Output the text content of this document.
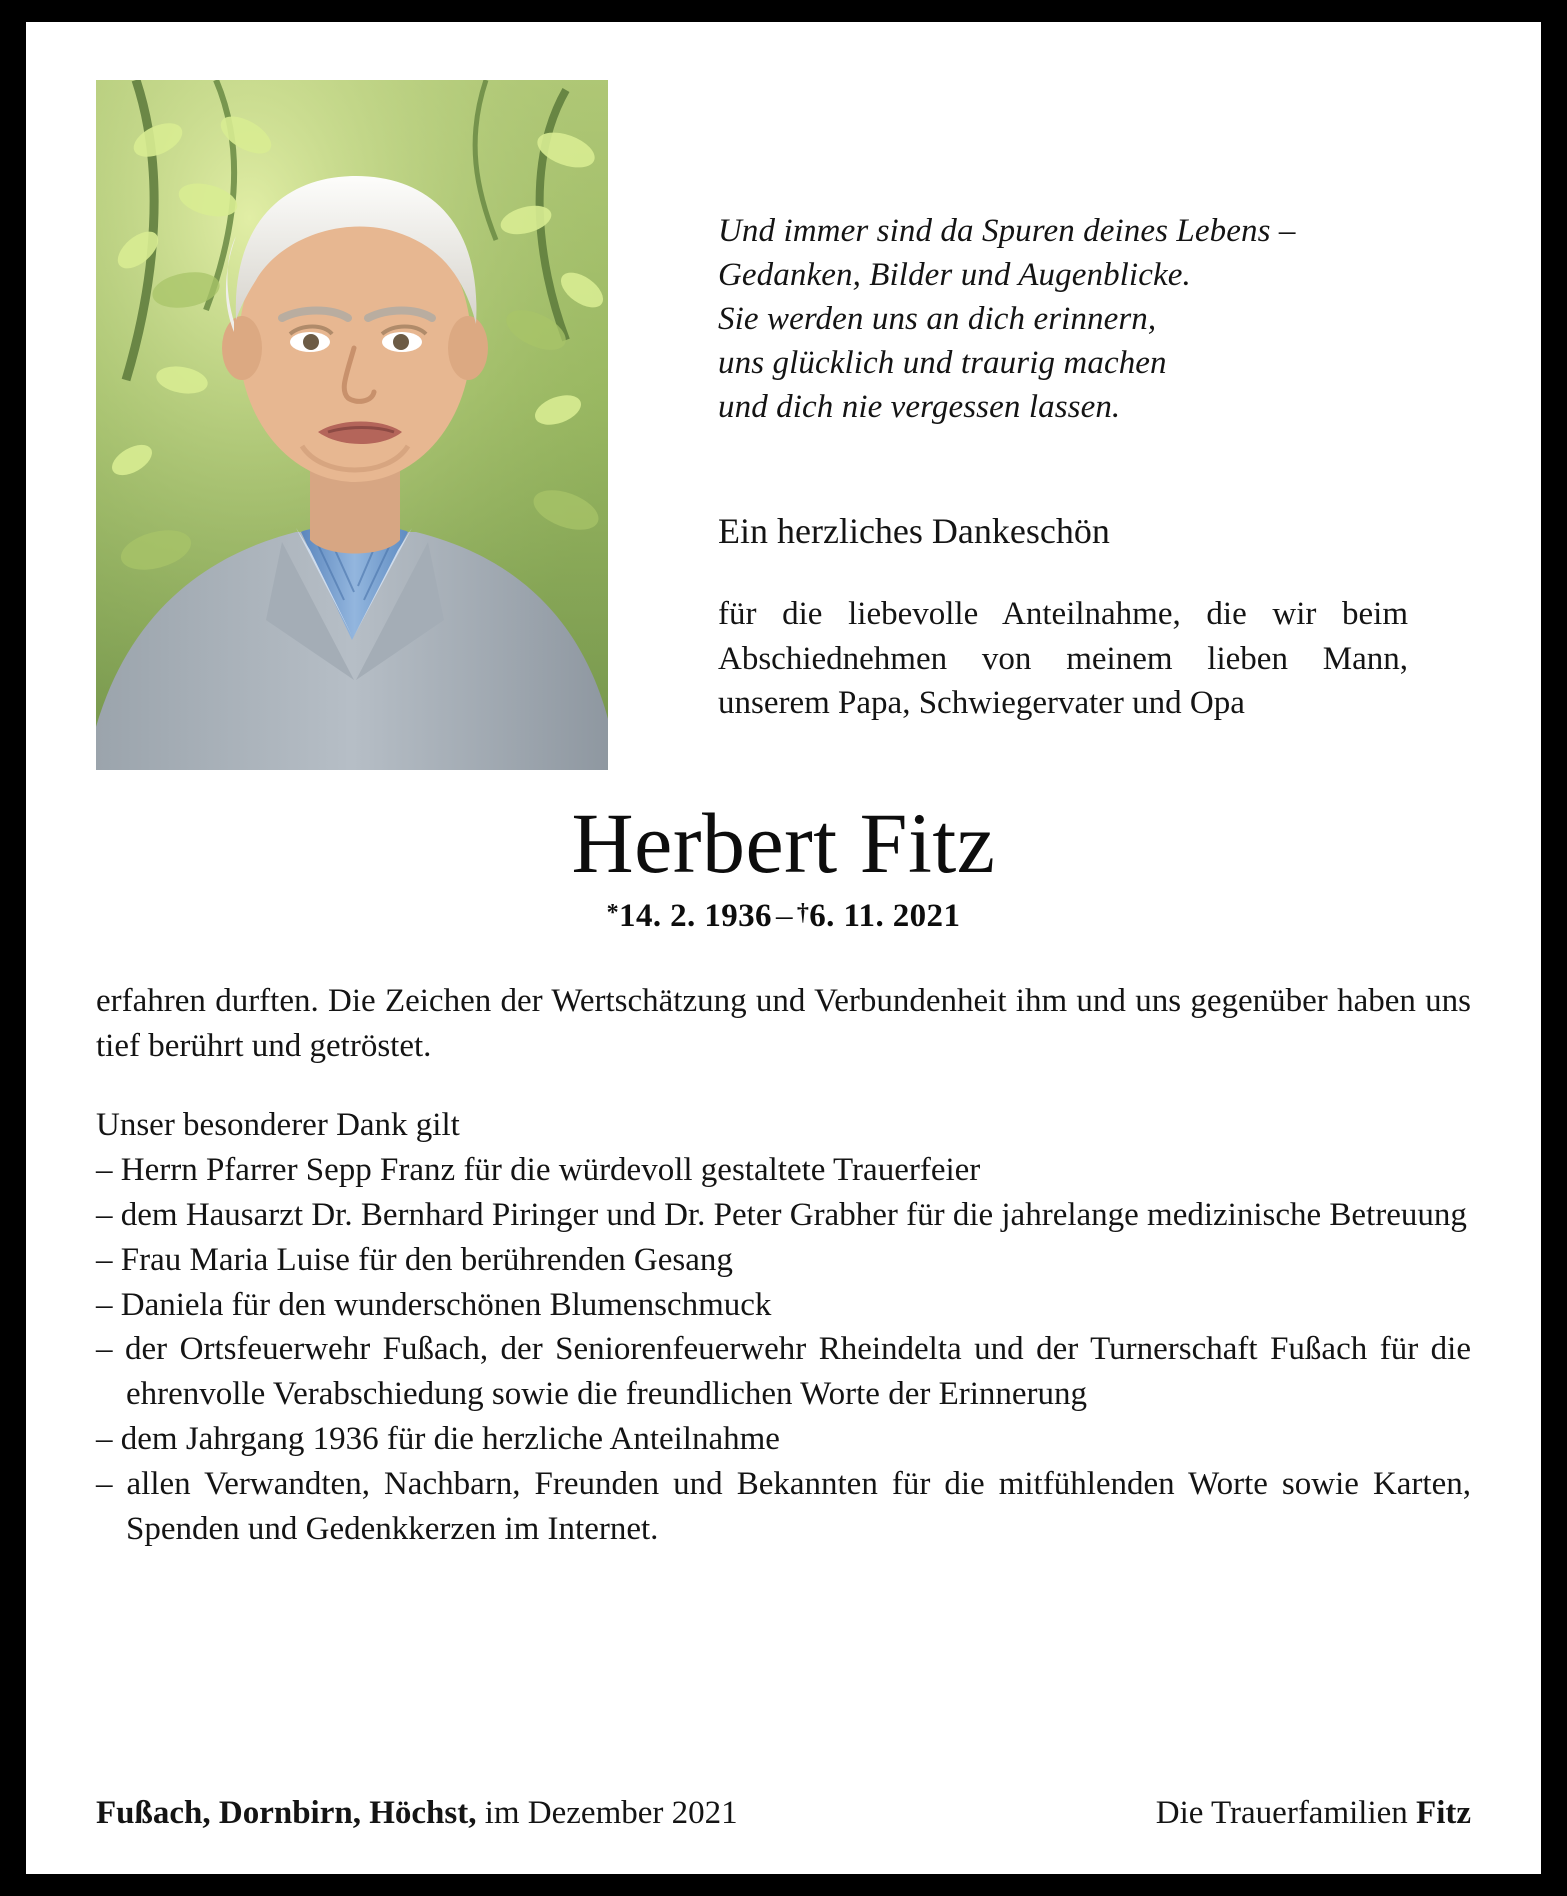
Und immer sind da Spuren deines Lebens –
Gedanken, Bilder und Augenblicke.
Sie werden uns an dich erinnern,
uns glücklich und traurig machen
und dich nie vergessen lassen.
Ein herzliches Dankeschön
für die liebevolle Anteilnahme, die wir beim Abschiednehmen von meinem lieben Mann, unserem Papa, Schwiegervater und Opa
Herbert Fitz
*14. 2. 1936 – †6. 11. 2021
erfahren durften. Die Zeichen der Wertschätzung und Verbundenheit ihm und uns gegenüber haben uns tief berührt und getröstet.
Unser besonderer Dank gilt
– Herrn Pfarrer Sepp Franz für die würdevoll gestaltete Trauerfeier
– dem Hausarzt Dr. Bernhard Piringer und Dr. Peter Grabher für die jahrelange medizinische Betreuung
– Frau Maria Luise für den berührenden Gesang
– Daniela für den wunderschönen Blumenschmuck
– der Ortsfeuerwehr Fußach, der Seniorenfeuerwehr Rheindelta und der Turnerschaft Fußach für die ehrenvolle Verabschiedung sowie die freundlichen Worte der Erinnerung
– dem Jahrgang 1936 für die herzliche Anteilnahme
– allen Verwandten, Nachbarn, Freunden und Bekannten für die mitfühlenden Worte sowie Karten, Spenden und Gedenkkerzen im Internet.
Fußach, Dornbirn, Höchst, im Dezember 2021	Die Trauerfamilien Fitz
